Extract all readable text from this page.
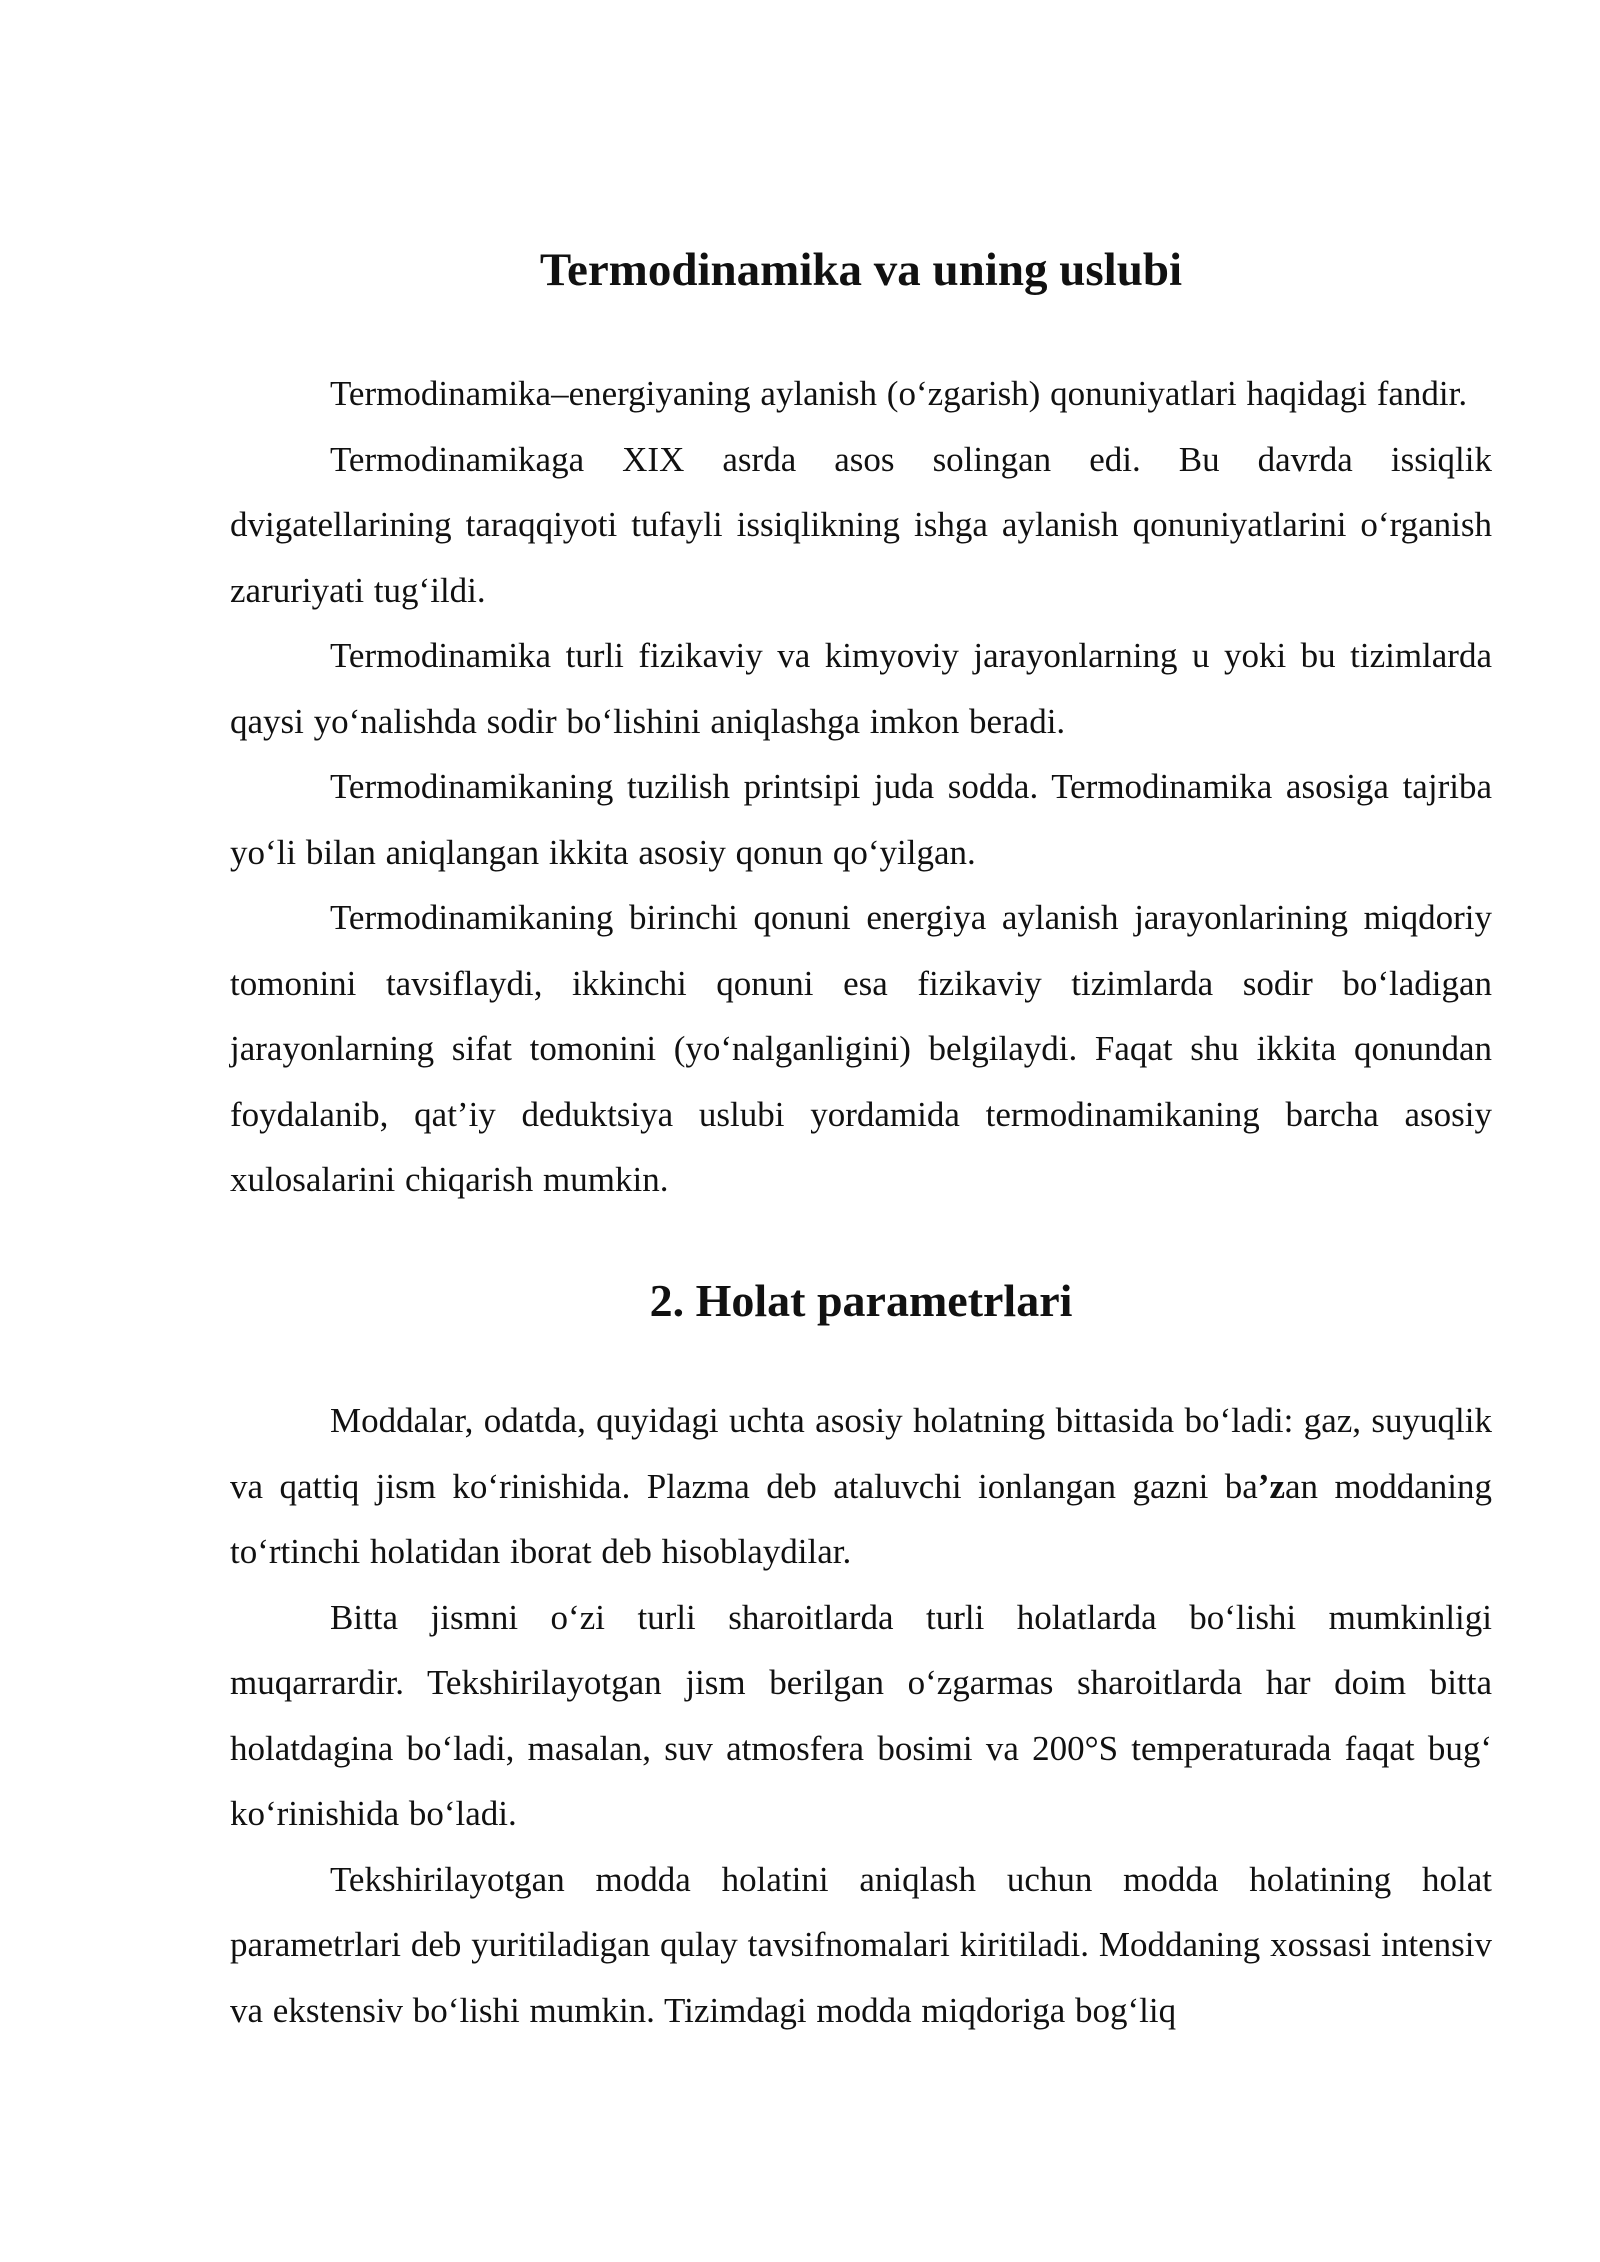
Termodinamika va uning uslubi

Termodinamika–energiyaning aylanish (o‘zgarish) qonuniyatlari haqidagi fandir.

Termodinamikaga XIX asrda asos solingan edi. Bu davrda issiqlik dvigatellarining taraqqiyoti tufayli issiqlikning ishga aylanish qonuniyatlarini o‘rganish zaruriyati tug‘ildi.

Termodinamika turli fizikaviy va kimyoviy jarayonlarning u yoki bu tizimlarda qaysi yo‘nalishda sodir bo‘lishini aniqlashga imkon beradi.

Termodinamikaning tuzilish printsipi juda sodda. Termodinamika asosiga tajriba yo‘li bilan aniqlangan ikkita asosiy qonun qo‘yilgan.

Termodinamikaning birinchi qonuni energiya aylanish jarayonlarining miqdoriy tomonini tavsiflaydi, ikkinchi qonuni esa fizikaviy tizimlarda sodir bo‘ladigan jarayonlarning sifat tomonini (yo‘nalganligini) belgilaydi. Faqat shu ikkita qonundan foydalanib, qat’iy deduktsiya uslubi yordamida termodinamikaning barcha asosiy xulosalarini chiqarish mumkin.

2. Holat parametrlari

Moddalar, odatda, quyidagi uchta asosiy holatning bittasida bo‘ladi: gaz, suyuqlik va qattiq jism ko‘rinishida. Plazma deb ataluvchi ionlangan gazni ba’zan moddaning to‘rtinchi holatidan iborat deb hisoblaydilar.

Bitta jismni o‘zi turli sharoitlarda turli holatlarda bo‘lishi mumkinligi muqarrardir. Tekshirilayotgan jism berilgan o‘zgarmas sharoitlarda har doim bitta holatdagina bo‘ladi, masalan, suv atmosfera bosimi va 200°S temperaturada faqat bug‘ ko‘rinishida bo‘ladi.

Tekshirilayotgan modda holatini aniqlash uchun modda holatining holat parametrlari deb yuritiladigan qulay tavsifnomalari kiritiladi. Moddaning xossasi intensiv va ekstensiv bo‘lishi mumkin. Tizimdagi modda miqdoriga bog‘liq
